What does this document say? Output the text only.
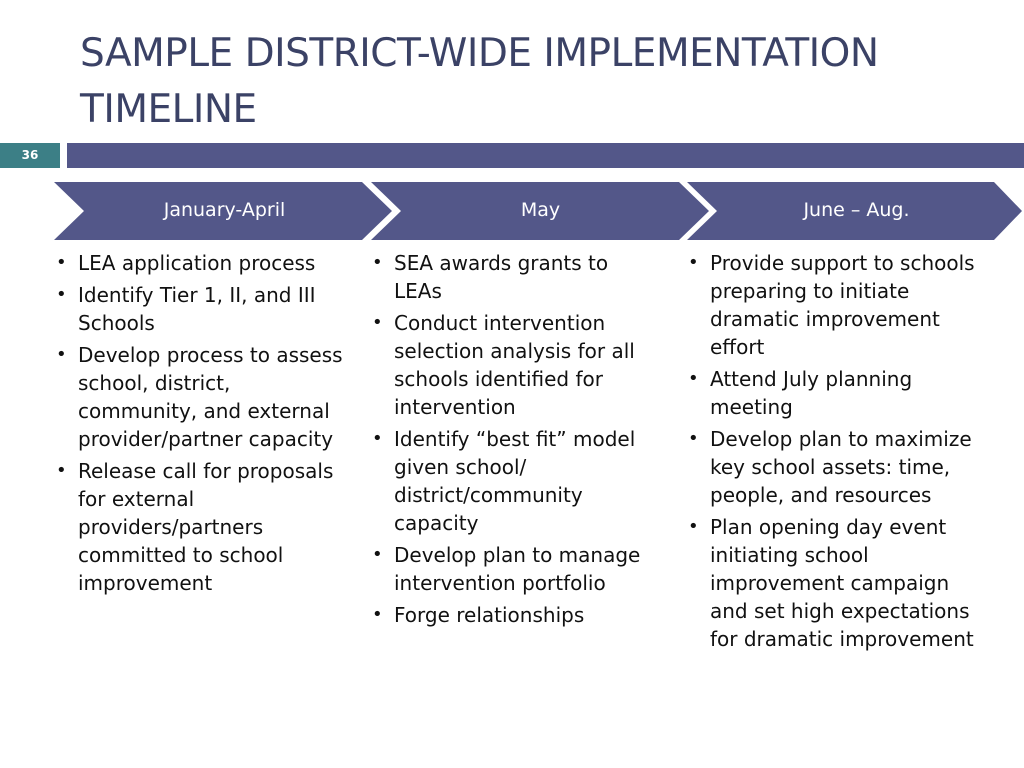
SAMPLE DISTRICT-WIDE IMPLEMENTATION TIMELINE
36
January-April	May	June – Aug.
• LEA application process
• Identify Tier 1, II, and III Schools
• Develop process to assess school, district, community, and external provider/partner capacity
• Release call for proposals for external providers/partners committed to school improvement
• SEA awards grants to LEAs
• Conduct intervention selection analysis for all schools identified for intervention
• Identify “best fit” model given school/ district/community capacity
• Develop plan to manage intervention portfolio
• Forge relationships
• Provide support to schools preparing to initiate dramatic improvement effort
• Attend July planning meeting
• Develop plan to maximize key school assets: time, people, and resources
• Plan opening day event initiating school improvement campaign and set high expectations for dramatic improvement
